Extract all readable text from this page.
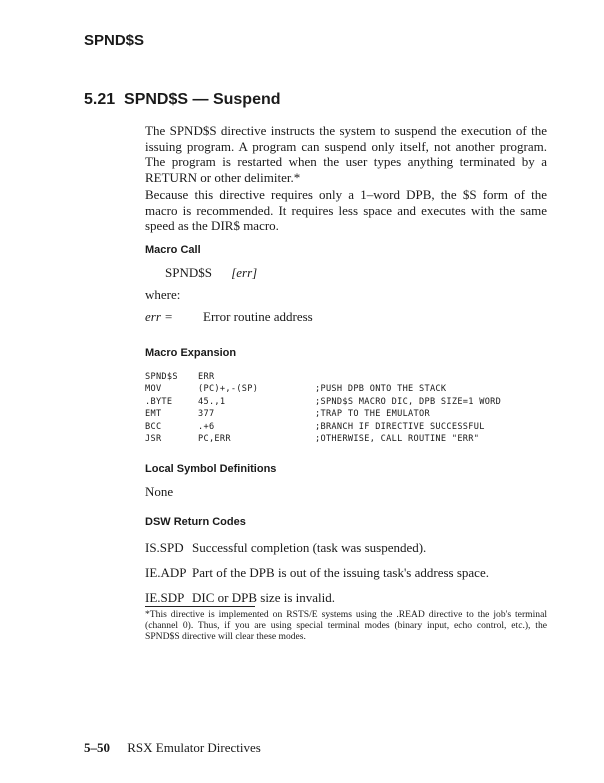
SPND$S
5.21 SPND$S — Suspend
The SPND$S directive instructs the system to suspend the execution of the issuing program. A program can suspend only itself, not another program. The program is restarted when the user types anything terminated by a RETURN or other delimiter.*
Because this directive requires only a 1–word DPB, the $S form of the macro is recommended. It requires less space and executes with the same speed as the DIR$ macro.
Macro Call
SPND$S [err]
where:
err = Error routine address
Macro Expansion
SPND$S ERR
MOV	(PC)+,-(SP)	;PUSH DPB ONTO THE STACK
.BYTE	45.,1	;SPND$S MACRO DIC, DPB SIZE=1 WORD
EMT	377	;TRAP TO THE EMULATOR
BCC	.+6	;BRANCH IF DIRECTIVE SUCCESSFUL
JSR	PC,ERR	;OTHERWISE, CALL ROUTINE "ERR"
Local Symbol Definitions
None
DSW Return Codes
IS.SPD Successful completion (task was suspended).
IE.ADP Part of the DPB is out of the issuing task's address space.
IE.SDP DIC or DPB size is invalid.
*This directive is implemented on RSTS/E systems using the .READ directive to the job's terminal (channel 0). Thus, if you are using special terminal modes (binary input, echo control, etc.), the SPND$S directive will clear these modes.
5–50 RSX Emulator Directives
